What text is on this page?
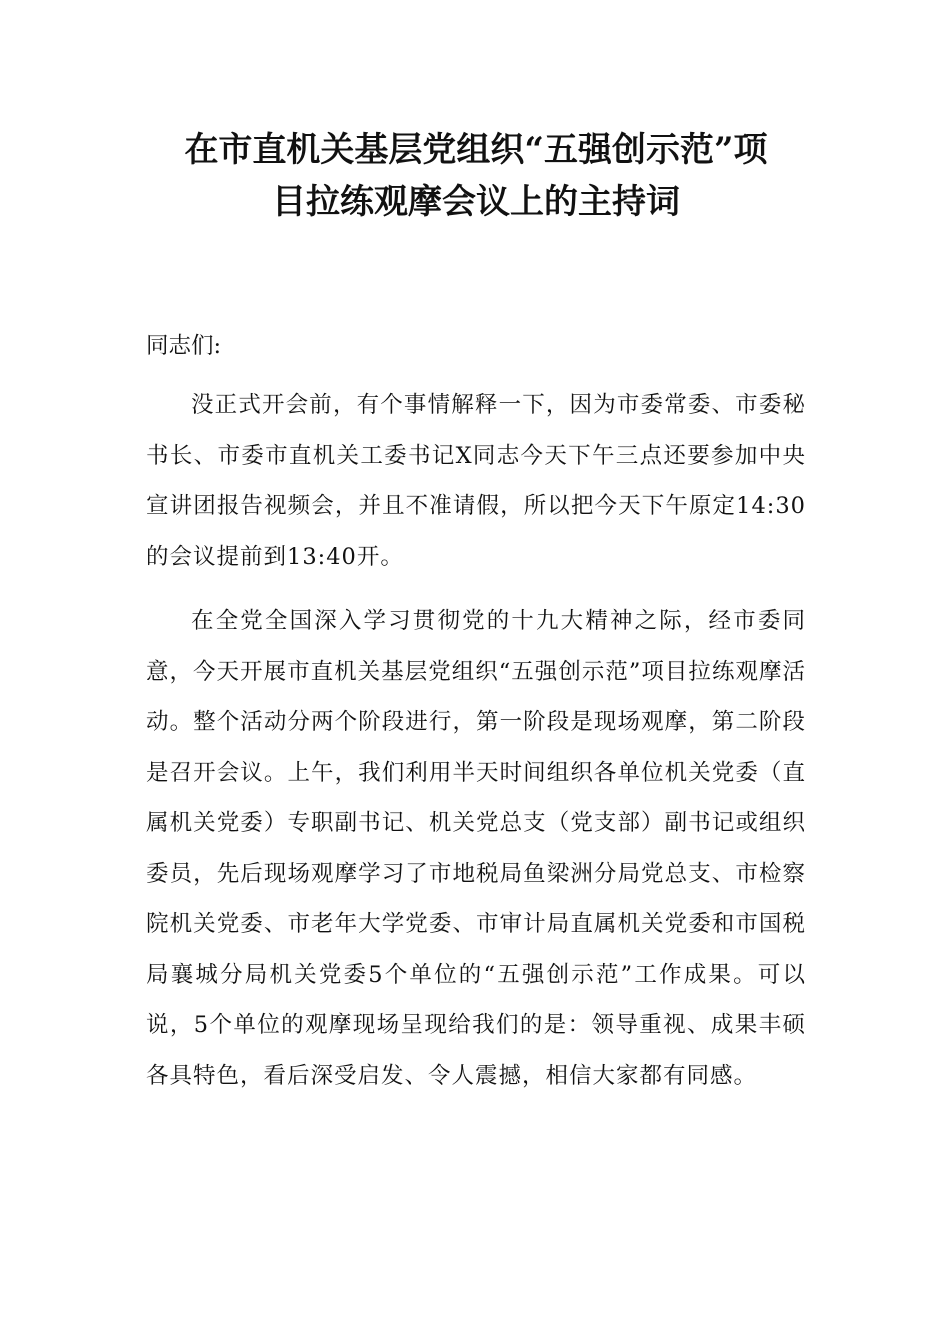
在市直机关基层党组织“五强创示范”项
目拉练观摩会议上的主持词

同志们:

没正式开会前，有个事情解释一下，因为市委常委、市委秘书长、市委市直机关工委书记X同志今天下午三点还要参加中央宣讲团报告视频会，并且不准请假，所以把今天下午原定14:30的会议提前到13:40开。

在全党全国深入学习贯彻党的十九大精神之际，经市委同意，今天开展市直机关基层党组织“五强创示范”项目拉练观摩活动。整个活动分两个阶段进行，第一阶段是现场观摩，第二阶段是召开会议。上午，我们利用半天时间组织各单位机关党委（直属机关党委）专职副书记、机关党总支（党支部）副书记或组织委员，先后现场观摩学习了市地税局鱼梁洲分局党总支、市检察院机关党委、市老年大学党委、市审计局直属机关党委和市国税局襄城分局机关党委5个单位的“五强创示范”工作成果。可以说，5个单位的观摩现场呈现给我们的是：领导重视、成果丰硕各具特色，看后深受启发、令人震撼，相信大家都有同感。
